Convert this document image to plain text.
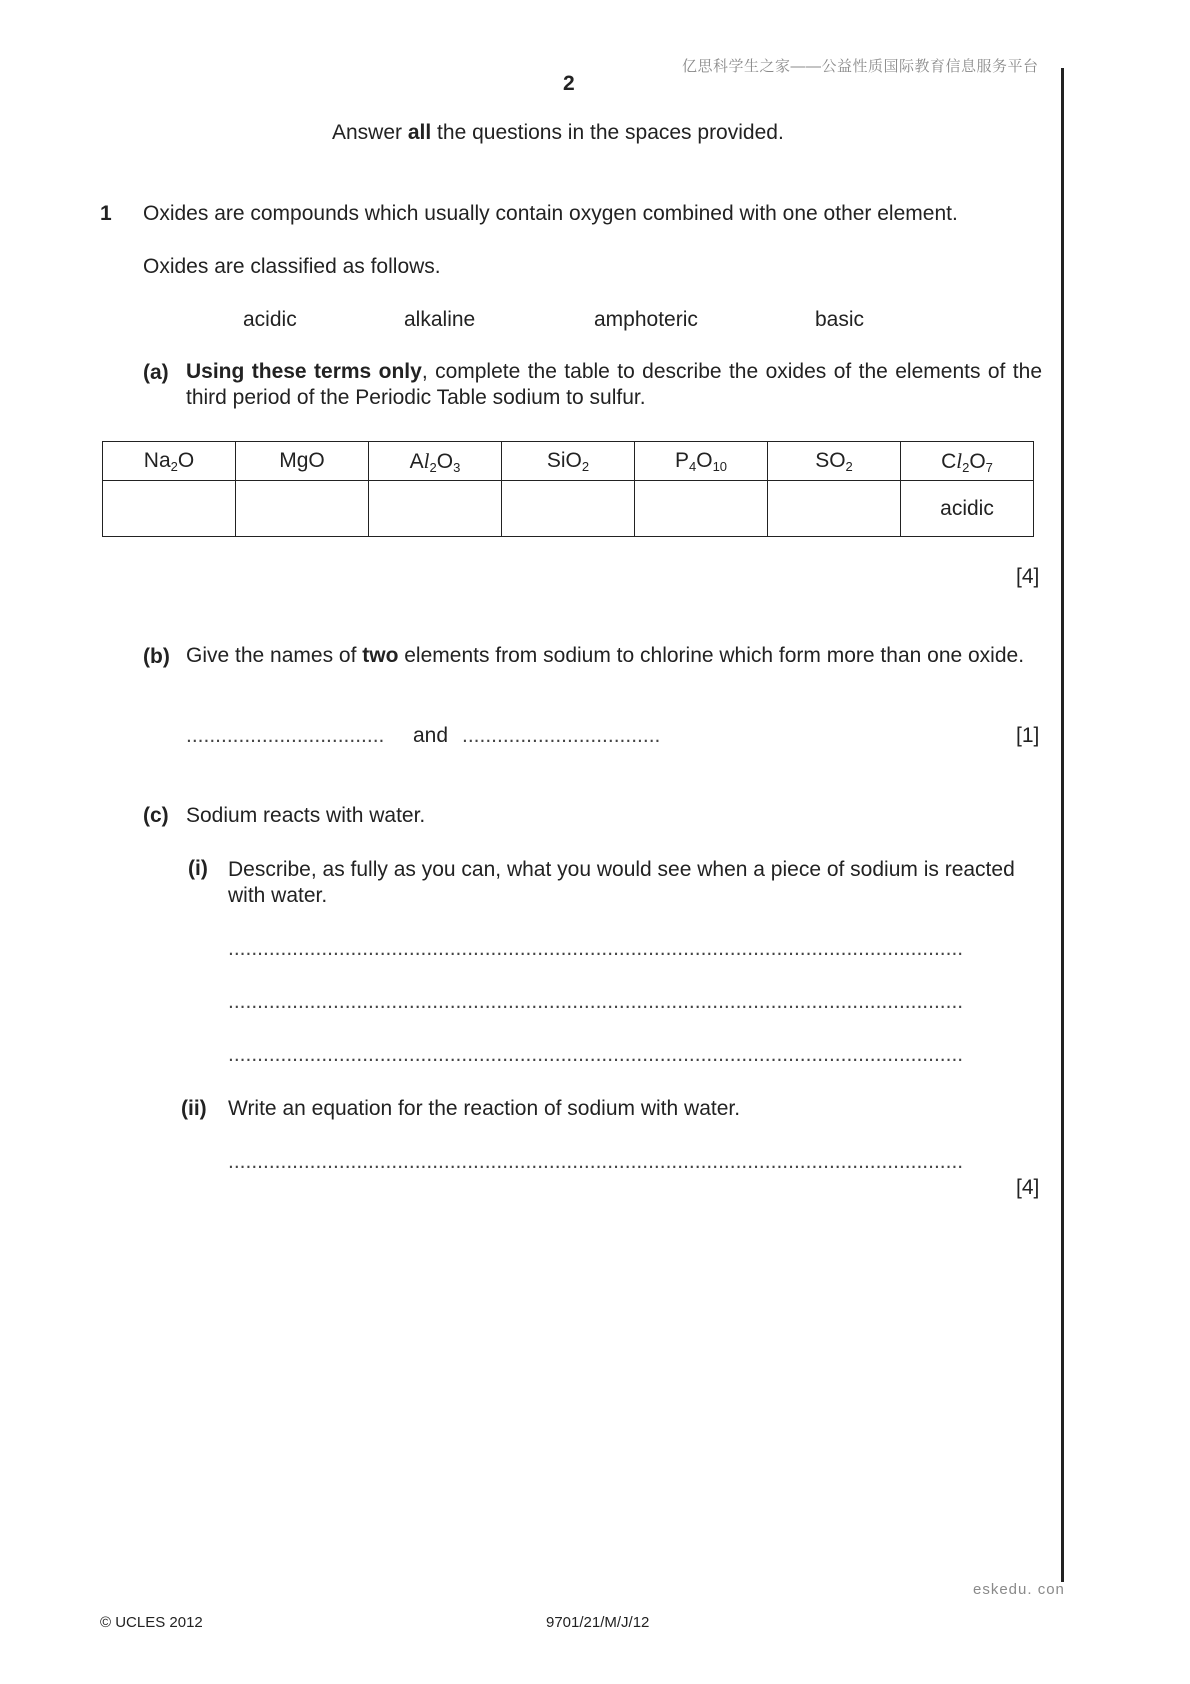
亿思科学生之家——公益性质国际教育信息服务平台
2
Answer all the questions in the spaces provided.
1 Oxides are compounds which usually contain oxygen combined with one other element.
Oxides are classified as follows.
acidic	alkaline	amphoteric	basic
(a) Using these terms only, complete the table to describe the oxides of the elements of the third period of the Periodic Table sodium to sulfur.
$Na_2O$	MgO	$Al_2O_3$	SiO$_2$	$P_4O_{10}$	$SO_2$	$Cl_2O_7$
						acidic
[4]
(b) Give the names of two elements from sodium to chlorine which form more than one oxide.
.................................. and ..................................	[1]
(c) Sodium reacts with water.
(i) Describe, as fully as you can, what you would see when a piece of sodium is reacted with water.
..............................................................................................................................
..............................................................................................................................
..............................................................................................................................
(ii) Write an equation for the reaction of sodium with water.
..............................................................................................................................
[4]
eskedu. con
© UCLES 2012	9701/21/M/J/12
